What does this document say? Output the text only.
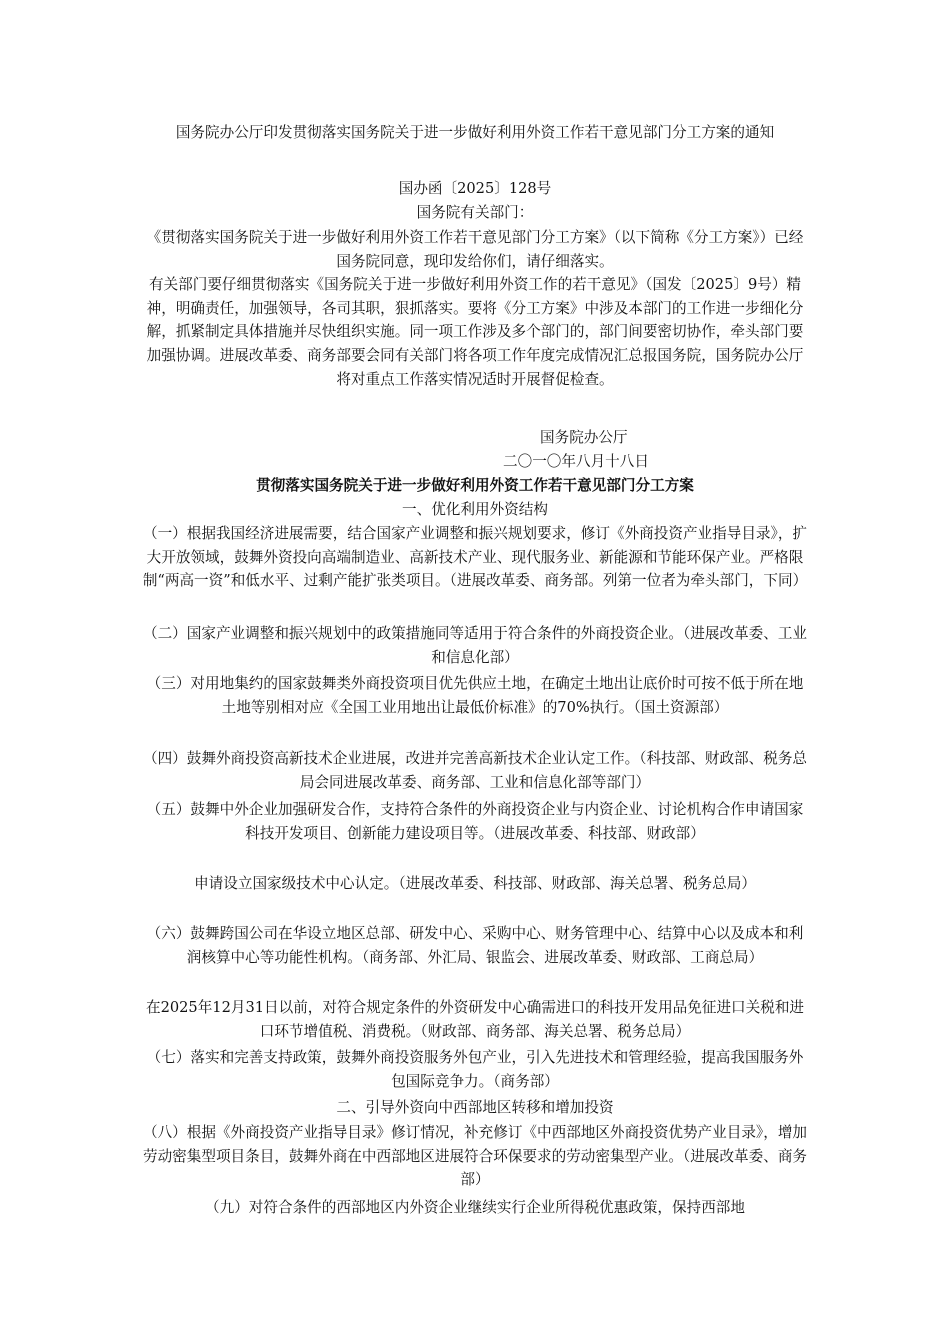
国务院办公厅印发贯彻落实国务院关于进一步做好利用外资工作若干意见部门分工方案的通知

国办函〔2025〕128号

国务院有关部门：

《贯彻落实国务院关于进一步做好利用外资工作若干意见部门分工方案》（以下简称《分工方案》）已经国务院同意，现印发给你们，请仔细落实。

有关部门要仔细贯彻落实《国务院关于进一步做好利用外资工作的若干意见》（国发〔2025〕9号）精神，明确责任，加强领导，各司其职，狠抓落实。要将《分工方案》中涉及本部门的工作进一步细化分解，抓紧制定具体措施并尽快组织实施。同一项工作涉及多个部门的，部门间要密切协作，牵头部门要加强协调。进展改革委、商务部要会同有关部门将各项工作年度完成情况汇总报国务院，国务院办公厅将对重点工作落实情况适时开展督促检查。

国务院办公厅

二〇一〇年八月十八日

贯彻落实国务院关于进一步做好利用外资工作若干意见部门分工方案

一、优化利用外资结构

（一）根据我国经济进展需要，结合国家产业调整和振兴规划要求，修订《外商投资产业指导目录》，扩大开放领域，鼓舞外资投向高端制造业、高新技术产业、现代服务业、新能源和节能环保产业。严格限制“两高一资”和低水平、过剩产能扩张类项目。（进展改革委、商务部。列第一位者为牵头部门，下同）

（二）国家产业调整和振兴规划中的政策措施同等适用于符合条件的外商投资企业。（进展改革委、工业和信息化部）

（三）对用地集约的国家鼓舞类外商投资项目优先供应土地，在确定土地出让底价时可按不低于所在地土地等别相对应《全国工业用地出让最低价标准》的70%执行。（国土资源部）

（四）鼓舞外商投资高新技术企业进展，改进并完善高新技术企业认定工作。（科技部、财政部、税务总局会同进展改革委、商务部、工业和信息化部等部门）

（五）鼓舞中外企业加强研发合作，支持符合条件的外商投资企业与内资企业、讨论机构合作申请国家科技开发项目、创新能力建设项目等。（进展改革委、科技部、财政部）

申请设立国家级技术中心认定。（进展改革委、科技部、财政部、海关总署、税务总局）

（六）鼓舞跨国公司在华设立地区总部、研发中心、采购中心、财务管理中心、结算中心以及成本和利润核算中心等功能性机构。（商务部、外汇局、银监会、进展改革委、财政部、工商总局）

在2025年12月31日以前，对符合规定条件的外资研发中心确需进口的科技开发用品免征进口关税和进口环节增值税、消费税。（财政部、商务部、海关总署、税务总局）

（七）落实和完善支持政策，鼓舞外商投资服务外包产业，引入先进技术和管理经验，提高我国服务外包国际竞争力。（商务部）

二、引导外资向中西部地区转移和增加投资

（八）根据《外商投资产业指导目录》修订情况，补充修订《中西部地区外商投资优势产业目录》，增加劳动密集型项目条目，鼓舞外商在中西部地区进展符合环保要求的劳动密集型产业。（进展改革委、商务部）

（九）对符合条件的西部地区内外资企业继续实行企业所得税优惠政策，保持西部地
